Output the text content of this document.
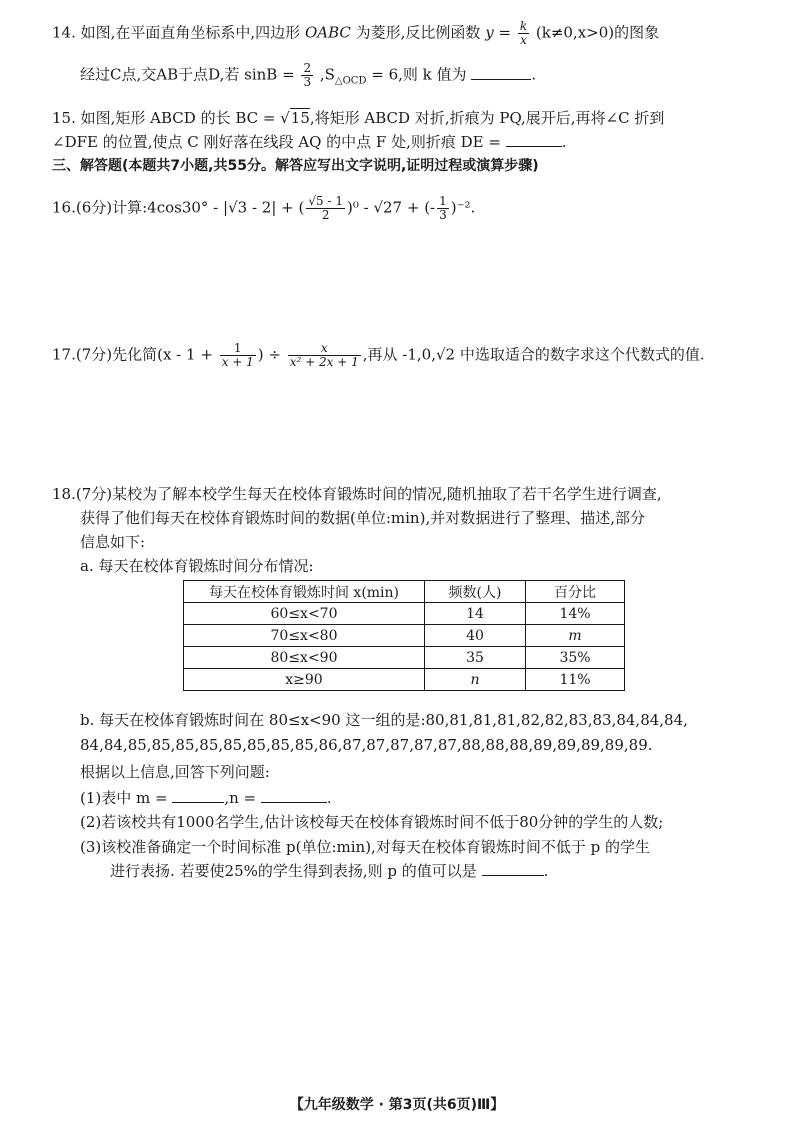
14. 如图,在平面直角坐标系中,四边形 OABC 为菱形,反比例函数 $y = \frac{k}{x} (k\ne 0,x>0)$的图象
经过C点,交AB于点D,若 $\sin B = \frac{2}{3} ,S_{\triangle OCD} = 6$,则 k 值为	.
15. 如图,矩形 ABCD 的长 BC = √15,将矩形 ABCD 对折,折痕为 PQ,展开后,再将∠C 折到
∠DFE 的位置,使点 C 刚好落在线段 AQ 的中点 F 处,则折痕 DE =	.
三、解答题(本题共7小题,共55分。解答应写出文字说明,证明过程或演算步骤)
16.(6分)计算:4cos30° - |√3 - 2| + ( $\frac{√5 - 1}{2} )^0 - √27$ + (- $\frac{1}{3} )^{-2}$.
17.(7分)先化简($x - 1 + \frac{1}{x + 1}$ ) ÷ $\frac{x}{\text{x² + 2x + 1}}$ ,再从 -1,0,√2 中选取适合的数字求这个代数式的值.
18.(7分)某校为了解本校学生每天在校体育锻炼时间的情况,随机抽取了若干名学生进行调查,
获得了他们每天在校体育锻炼时间的数据(单位:min),并对数据进行了整理、描述,部分
信息如下:
a. 每天在校体育锻炼时间分布情况:
每天在校体育锻炼时间 x(min)	频数(人)	百分比
60≤x<70	14	14%
70≤x<80	40	m
80≤x<90	35	35%
x≥90	n	11%
b. 每天在校体育锻炼时间在 80≤x<90 这一组的是:80,81,81,81,82,82,83,83,84,84,84,
84,84,85,85,85,85,85,85,85,85,86,87,87,87,87,87,88,88,88,89,89,89,89,89.
根据以上信息,回答下列问题:
(1)表中 m =	,n =	.
(2)若该校共有1000名学生,估计该校每天在校体育锻炼时间不低于80分钟的学生的人数;
(3)该校准备确定一个时间标准 p(单位:min),对每天在校体育锻炼时间不低于 p 的学生
进行表扬. 若要使25%的学生得到表扬,则 p 的值可以是	.
【九年级数学 · 第3页(共6页)Ⅲ】
